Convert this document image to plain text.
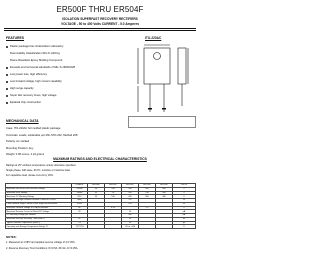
ER500F THRU ER504F
ISOLATION SUPERFAST RECOVERY RECTIFIERS
VOLTAGE - 50 to 400 Volts CURRENT - 5.0 Amperes
FEATURES
Plastic package has Underwriters Laboratory
Flammability Classification 94V-O utilizing
Flame Retardant Epoxy Molding Compound
Exceeds environmental standards of MIL-S-19500/228
Low power loss, high efficiency
Low forward voltage, high current capability
High surge capacity
Super fast recovery times, high voltage
Epitaxial chip construction
ITO-220AC
MECHANICAL DATA
Case: ITO-220AC full molded plastic package
Terminals: Leads, solderable per MIL-STD-202, Method 208
Polarity: As marked
Mounting Position: Any
Weight: 0.08 ounce, 2.24 grams
MAXIMUM RATINGS AND ELECTRICAL CHARACTERISTICS
Ratings at 25° ambient temperature unless otherwise specified.
Single phase, half wave, 60 Hz, resistive or inductive load.
For capacitive load, derate current by 20%.
	SYMBOL	ER500F	ER501F	ER502F	ER503F	ER504F	UNITS
Maximum Recurrent Peak Reverse Voltage	VRRM	50	100	200	300	400	V
Maximum RMS Voltage	VRMS	35	70	140	210	280	V
Maximum DC Blocking Voltage	VDC	50	100	200	300	400	V
Maximum Average Forward Rectified Current at Tc=100	I(AV)			5.0			A
Peak Forward Surge Current 8.3ms single half sine-wave	IFSM			125			A
Maximum Forward Voltage at 5.0A per element	VF		0.95		1.3		V
Maximum Reverse Current at Rated DC Voltage	IR			10			µA
DC Blocking Voltage per element				500			µA
Maximum Reverse Recovery Time (Note 1)	trr			35			ns
Typical Junction Capacitance (Note 2)	CJ			50			pF
Operating and Storage Temperature Range TJ	TJ,TSTG			-55 to +150			°C
NOTES:
1. Measured at 1 MHz and applied reverse voltage of 4.0 VDC.
2. Reverse Recovery Test Conditions: IF=0.5A, IR=1A, Irr=0.25A.
